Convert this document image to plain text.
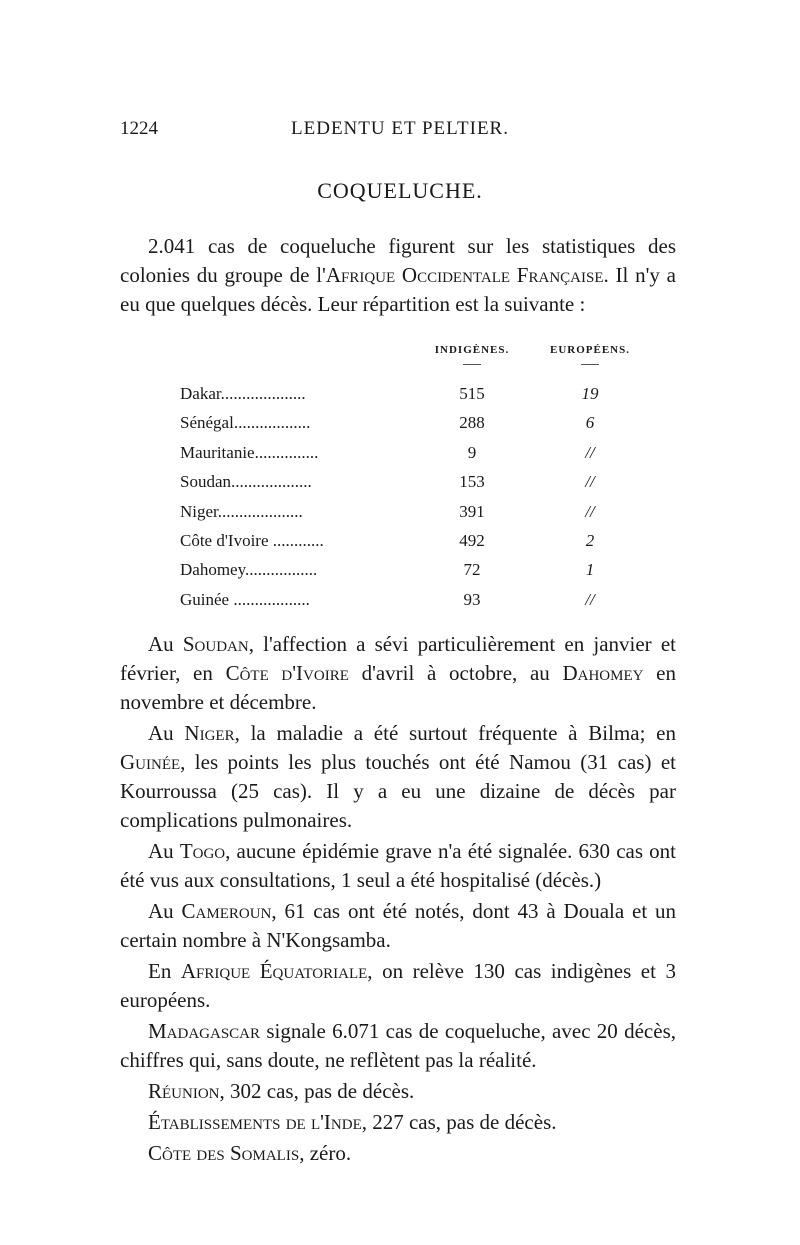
1224	LEDENTU ET PELTIER.
COQUELUCHE.

2.041 cas de coqueluche figurent sur les statistiques des colonies du groupe de l'Afrique Occidentale Française. Il n'y a eu que quelques décès. Leur répartition est la suivante :

INDIGÈNES.	EUROPÉENS.
Dakar....................	515	19
Sénégal..................	288	6
Mauritanie...............	9	//
Soudan...................	153	//
Niger....................	391	//
Côte d'Ivoire ............	492	2
Dahomey.................	72	1
Guinée ..................	93	//

Au Soudan, l'affection a sévi particulièrement en janvier et février, en Côte d'Ivoire d'avril à octobre, au Dahomey en novembre et décembre.

Au Niger, la maladie a été surtout fréquente à Bilma; en Guinée, les points les plus touchés ont été Namou (31 cas) et Kourroussa (25 cas). Il y a eu une dizaine de décès par complications pulmonaires.

Au Togo, aucune épidémie grave n'a été signalée. 630 cas ont été vus aux consultations, 1 seul a été hospitalisé (décès.)

Au Cameroun, 61 cas ont été notés, dont 43 à Douala et un certain nombre à N'Kongsamba.

En Afrique Équatoriale, on relève 130 cas indigènes et 3 européens.

Madagascar signale 6.071 cas de coqueluche, avec 20 décès, chiffres qui, sans doute, ne reflètent pas la réalité.

Réunion, 302 cas, pas de décès.

Établissements de l'Inde, 227 cas, pas de décès.

Côte des Somalis, zéro.
